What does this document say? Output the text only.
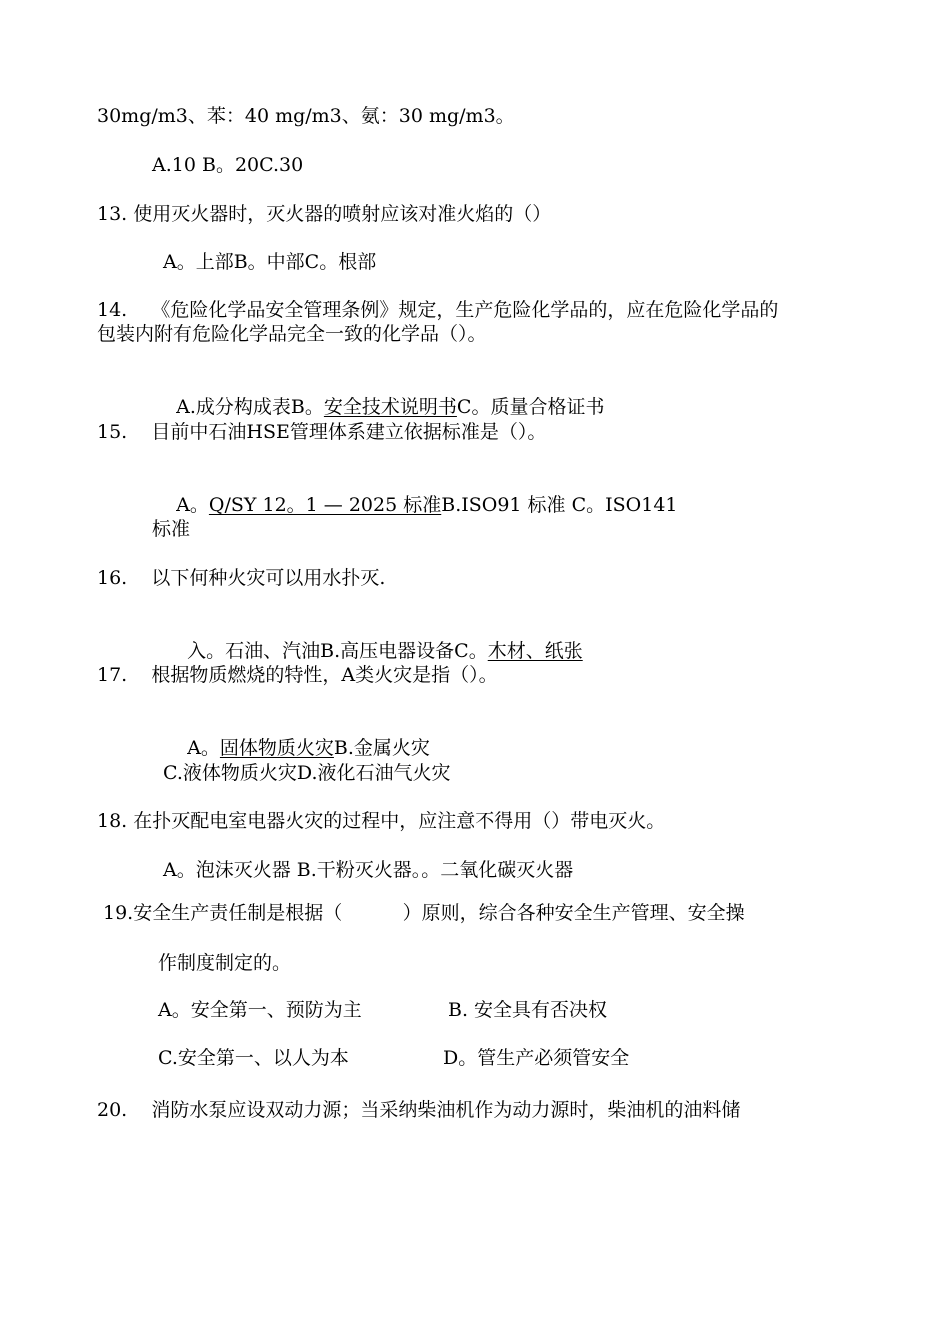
30mg/m3、苯：40 mg/m3、氨：30 mg/m3。
A.10 B。20C.30
13. 使用灭火器时，灭火器的喷射应该对准火焰的（）
A。上部B。中部C。根部
14.    《危险化学品安全管理条例》规定，生产危险化学品的，应在危险化学品的
包装内附有危险化学品完全一致的化学品（）。

A.成分构成表B。安全技术说明书C。质量合格证书

15.    目前中石油HSE管理体系建立依据标准是（）。

A。Q/SY 12。1 — 2025 标准B.ISO91 标准 C。ISO141

标准
16.    以下何种火灾可以用水扑灭.

入。石油、汽油B.高压电器设备C。木材、纸张

17.    根据物质燃烧的特性，A类火灾是指（）。

A。固体物质火灾B.金属火灾

C.液体物质火灾D.液化石油气火灾
18. 在扑灭配电室电器火灾的过程中，应注意不得用（）带电灭火。
A。泡沫灭火器 B.干粉灭火器。。二氧化碳灭火器
19.安全生产责任制是根据（          ）原则，综合各种安全生产管理、安全操
作制度制定的。
A。安全第一、预防为主	B. 安全具有否决权
C.安全第一、以人为本	D。管生产必须管安全
20.    消防水泵应设双动力源；当采纳柴油机作为动力源时，柴油机的油料储
